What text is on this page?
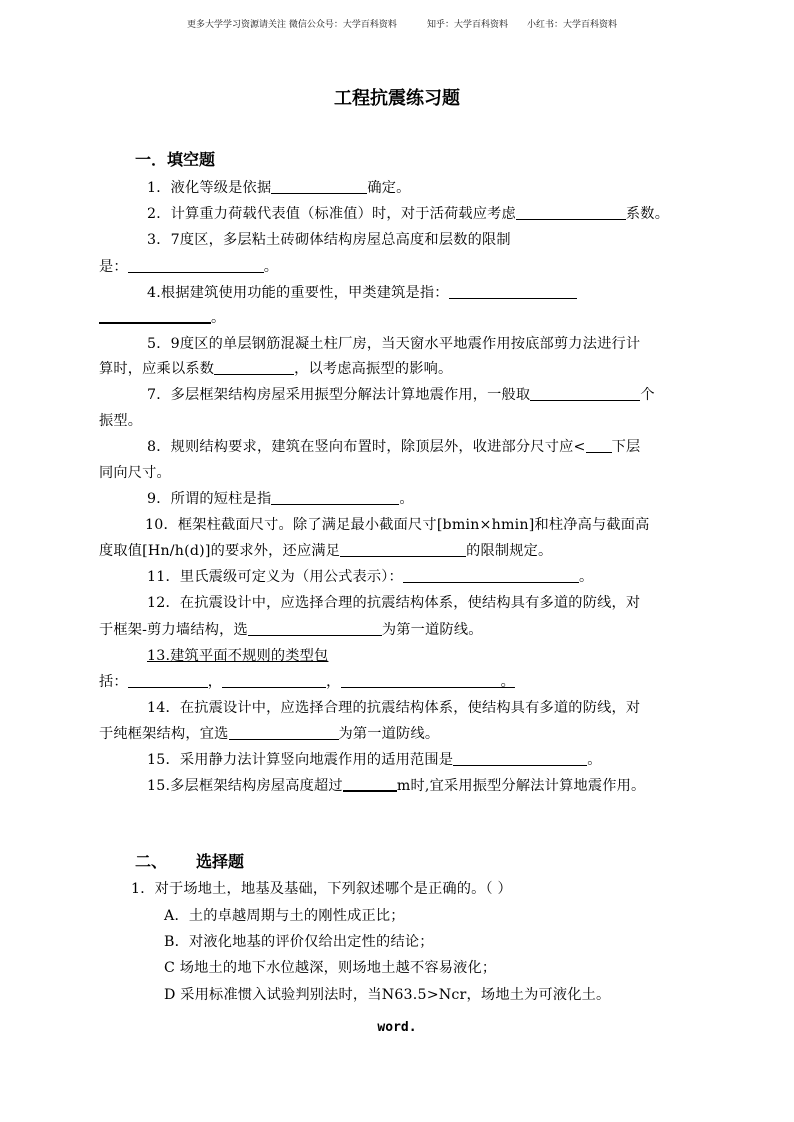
更多大学学习资源请关注 微信公众号：大学百科资料	知乎：大学百科资料 小红书：大学百科资料
工程抗震练习题
一．填空题
1．液化等级是依据	确定。
2．计算重力荷载代表值（标准值）时，对于活荷载应考虑	系数。
3．7度区，多层粘土砖砌体结构房屋总高度和层数的限制
是：	。
4.根据建筑使用功能的重要性，甲类建筑是指：
。
5．9度区的单层钢筋混凝土柱厂房，当天窗水平地震作用按底部剪力法进行计
算时，应乘以系数	，以考虑高振型的影响。
7．多层框架结构房屋采用振型分解法计算地震作用，一般取	个
振型。
8．规则结构要求，建筑在竖向布置时，除顶层外，收进部分尺寸应< 下层
同向尺寸。
9．所谓的短柱是指	。
10．框架柱截面尺寸。除了满足最小截面尺寸[bmin×hmin]和柱净高与截面高
度取值[Hn/h(d)]的要求外，还应满足	的限制规定。
11．里氏震级可定义为（用公式表示）：	。
12．在抗震设计中，应选择合理的抗震结构体系，使结构具有多道的防线，对
于框架-剪力墙结构，选	为第一道防线。
13.建筑平面不规则的类型包
括：	，	，	。
14．在抗震设计中，应选择合理的抗震结构体系，使结构具有多道的防线，对
于纯框架结构，宜选	为第一道防线。
15．采用静力法计算竖向地震作用的适用范围是	。
15.多层框架结构房屋高度超过	m时,宜采用振型分解法计算地震作用。
二、 选择题
1．对于场地土，地基及基础，下列叙述哪个是正确的。（ ）
A．土的卓越周期与土的刚性成正比；
B．对液化地基的评价仅给出定性的结论；
C 场地土的地下水位越深，则场地土越不容易液化；
D 采用标准惯入试验判别法时，当N63.5>Ncr，场地土为可液化土。
word.
